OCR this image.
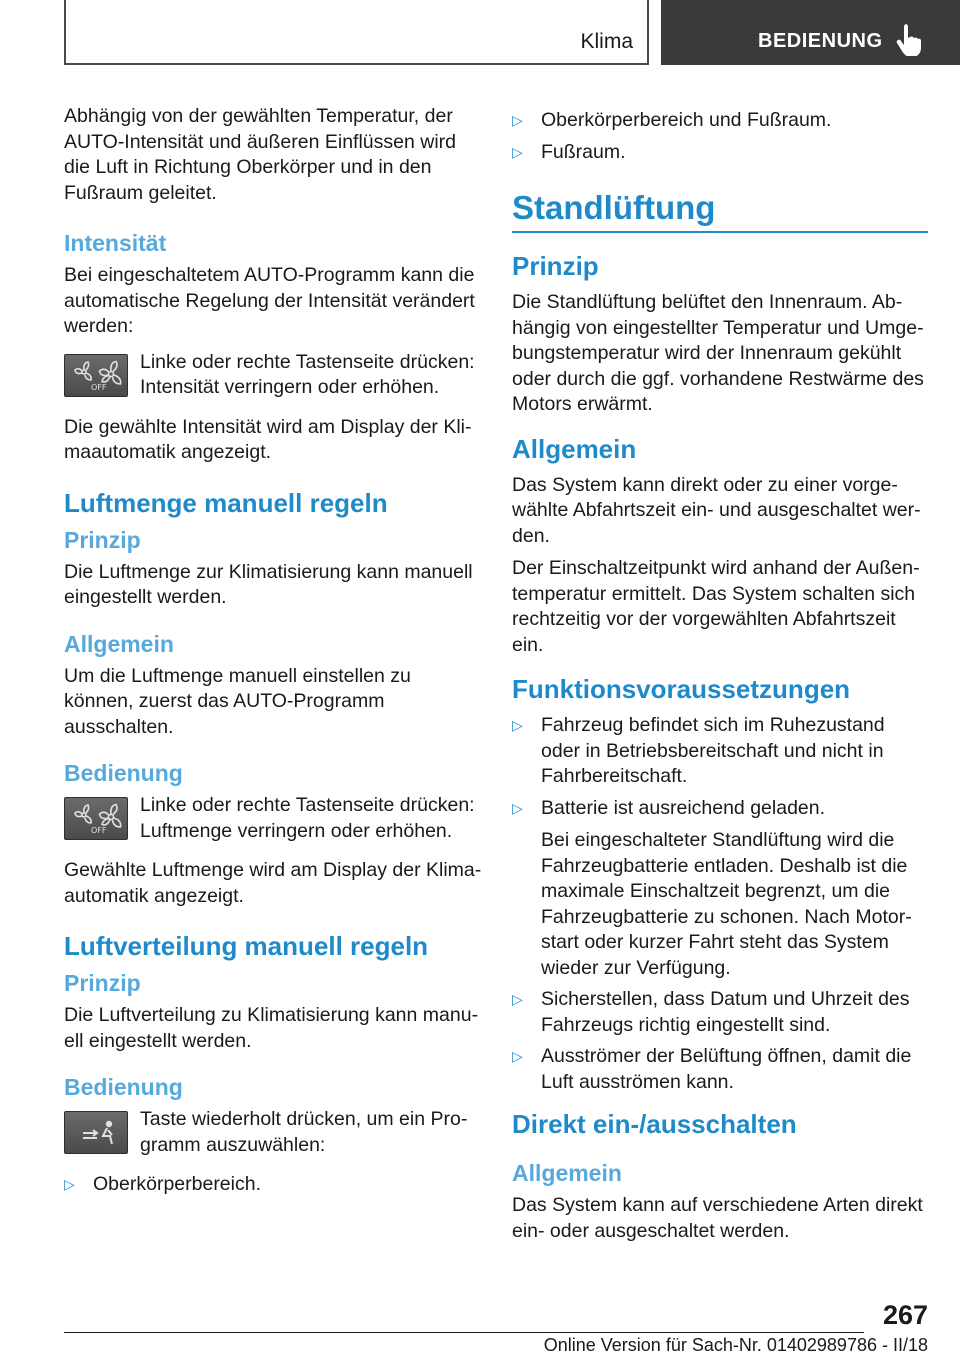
Klima	BEDIENUNG

Abhängig von der gewählten Temperatur, der AUTO-Intensität und äußeren Einflüssen wird die Luft in Richtung Oberkörper und in den Fußraum geleitet.

Intensität

Bei eingeschaltetem AUTO-Programm kann die automatische Regelung der Intensität verändert werden:

OFF

Linke oder rechte Tastenseite drücken: Intensität verringern oder erhöhen.

Die gewählte Intensität wird am Display der Klimaautomatik angezeigt.

Luftmenge manuell regeln
Prinzip

Die Luftmenge zur Klimatisierung kann manuell eingestellt werden.

Allgemein

Um die Luftmenge manuell einstellen zu können, zuerst das AUTO-Programm ausschalten.

Bedienung
OFF

Linke oder rechte Tastenseite drücken: Luftmenge verringern oder erhöhen.

Gewählte Luftmenge wird am Display der Klimaautomatik angezeigt.

Luftverteilung manuell regeln
Prinzip

Die Luftverteilung zu Klimatisierung kann manuell eingestellt werden.

Bedienung

Taste wiederholt drücken, um ein Programm auszuwählen:

▷ Oberkörperbereich.
▷ Oberkörperbereich und Fußraum.
▷ Fußraum.
Standlüftung
Prinzip

Die Standlüftung belüftet den Innenraum. Abhängig von eingestellter Temperatur und Umgebungstemperatur wird der Innenraum gekühlt oder durch die ggf. vorhandene Restwärme des Motors erwärmt.

Allgemein

Das System kann direkt oder zu einer vorgewählte Abfahrtszeit ein- und ausgeschaltet werden.

Der Einschaltzeitpunkt wird anhand der Außentemperatur ermittelt. Das System schalten sich rechtzeitig vor der vorgewählten Abfahrtszeit ein.

Funktionsvoraussetzungen
▷ Fahrzeug befindet sich im Ruhezustand oder in Betriebsbereitschaft und nicht in Fahrbereitschaft.
▷ Batterie ist ausreichend geladen.

Bei eingeschalteter Standlüftung wird die Fahrzeugbatterie entladen. Deshalb ist die maximale Einschaltzeit begrenzt, um die Fahrzeugbatterie zu schonen. Nach Motorstart oder kurzer Fahrt steht das System wieder zur Verfügung.

▷ Sicherstellen, dass Datum und Uhrzeit des Fahrzeugs richtig eingestellt sind.
▷ Ausströmer der Belüftung öffnen, damit die Luft ausströmen kann.
Direkt ein-/ausschalten
Allgemein

Das System kann auf verschiedene Arten direkt ein- oder ausgeschaltet werden.

267
Online Version für Sach-Nr. 01402989786 - II/18
